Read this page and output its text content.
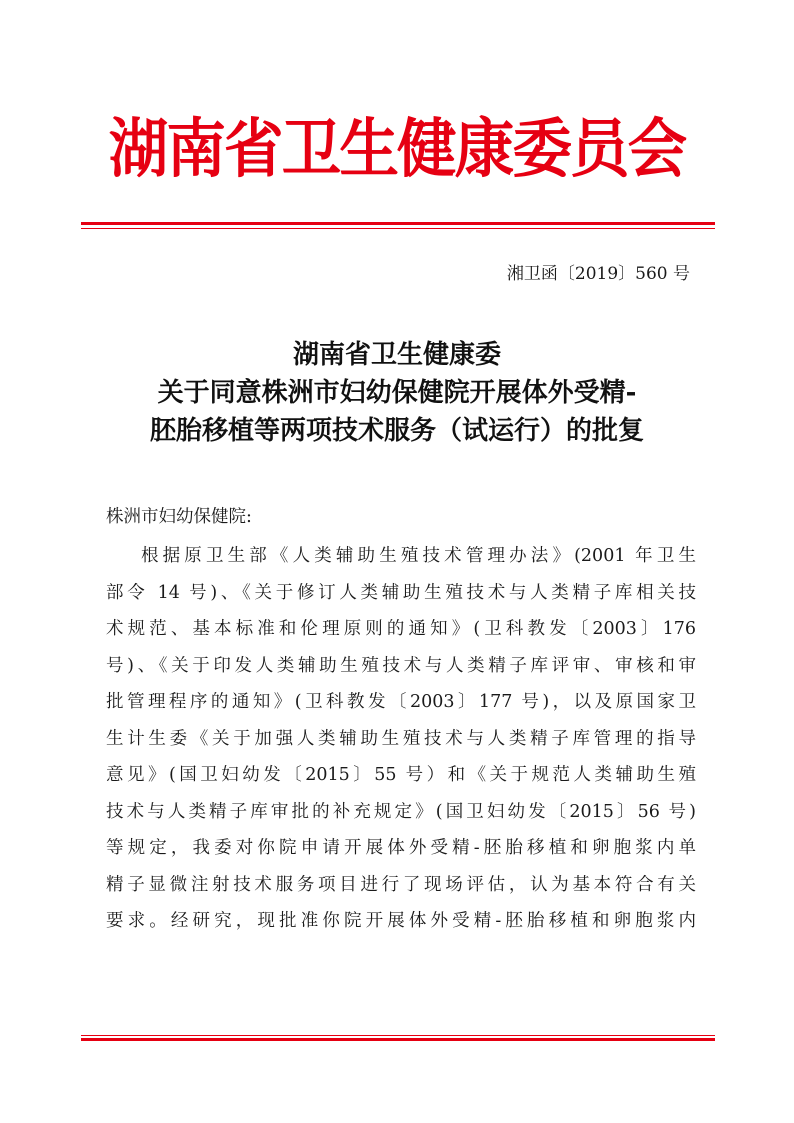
湖南省卫生健康委员会
湘卫函〔2019〕560 号
湖南省卫生健康委
关于同意株洲市妇幼保健院开展体外受精-
胚胎移植等两项技术服务（试运行）的批复
株洲市妇幼保健院:
根据原卫生部《人类辅助生殖技术管理办法》(2001 年卫生
部令 14 号)、《关于修订人类辅助生殖技术与人类精子库相关技
术规范、基本标准和伦理原则的通知》(卫科教发〔2003〕176
号)、《关于印发人类辅助生殖技术与人类精子库评审、审核和审
批管理程序的通知》(卫科教发〔2003〕177 号)，以及原国家卫
生计生委《关于加强人类辅助生殖技术与人类精子库管理的指导
意见》(国卫妇幼发〔2015〕55 号）和《关于规范人类辅助生殖
技术与人类精子库审批的补充规定》(国卫妇幼发〔2015〕56 号)
等规定，我委对你院申请开展体外受精-胚胎移植和卵胞浆内单
精子显微注射技术服务项目进行了现场评估，认为基本符合有关
要求。经研究，现批准你院开展体外受精-胚胎移植和卵胞浆内
